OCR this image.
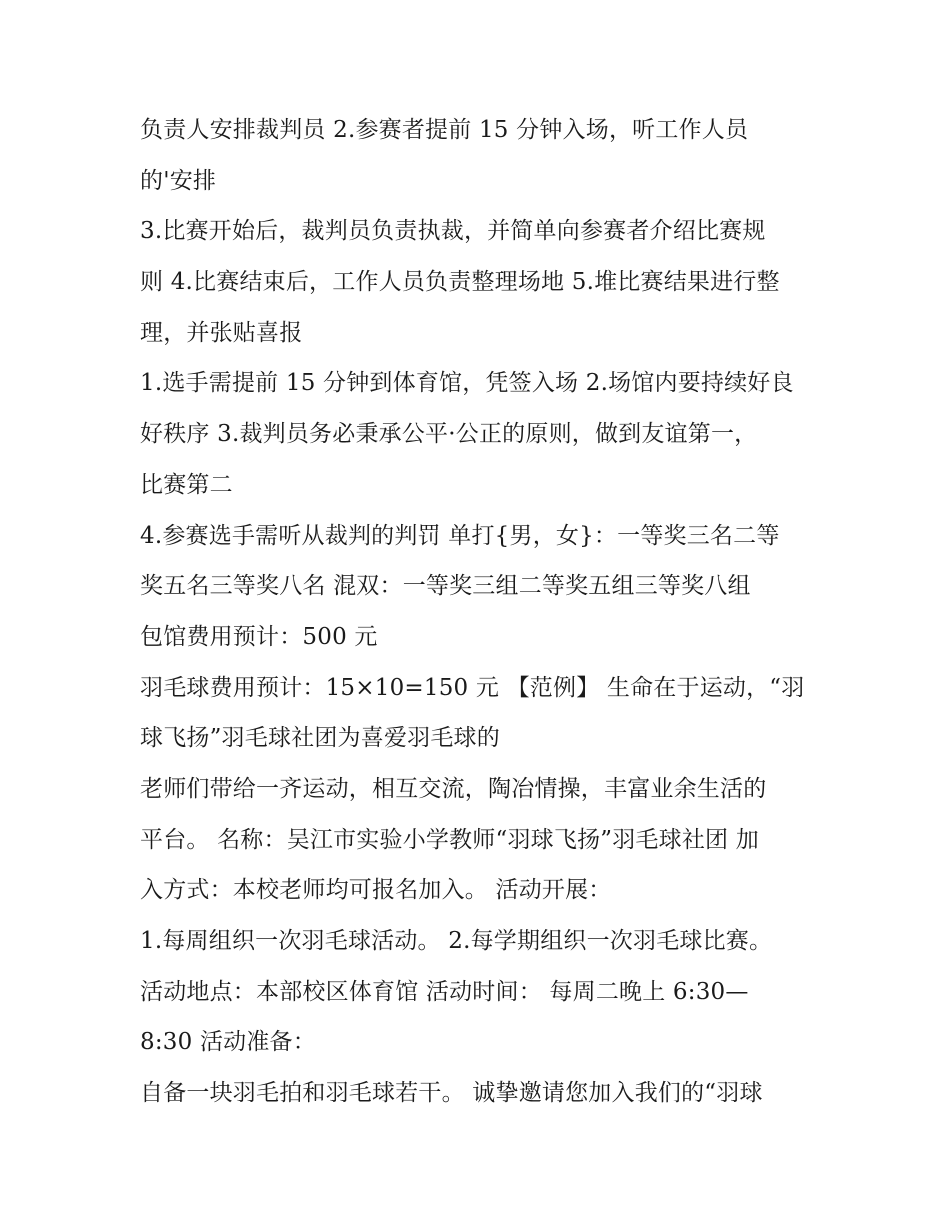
负责人安排裁判员 2.参赛者提前 15 分钟入场，听工作人员
的'安排
3.比赛开始后，裁判员负责执裁，并简单向参赛者介绍比赛规
则 4.比赛结束后，工作人员负责整理场地 5.堆比赛结果进行整
理，并张贴喜报
1.选手需提前 15 分钟到体育馆，凭签入场 2.场馆内要持续好良
好秩序 3.裁判员务必秉承公平·公正的原则，做到友谊第一，
比赛第二
4.参赛选手需听从裁判的判罚 单打{男，女}：一等奖三名二等
奖五名三等奖八名 混双：一等奖三组二等奖五组三等奖八组
包馆费用预计：500 元
羽毛球费用预计：15×10=150 元 【范例】 生命在于运动，“羽
球飞扬”羽毛球社团为喜爱羽毛球的
老师们带给一齐运动，相互交流，陶冶情操，丰富业余生活的
平台。 名称：吴江市实验小学教师“羽球飞扬”羽毛球社团 加
入方式：本校老师均可报名加入。 活动开展：
1.每周组织一次羽毛球活动。 2.每学期组织一次羽毛球比赛。
活动地点：本部校区体育馆 活动时间： 每周二晚上 6:30—
8:30 活动准备：
自备一块羽毛拍和羽毛球若干。 诚挚邀请您加入我们的“羽球
